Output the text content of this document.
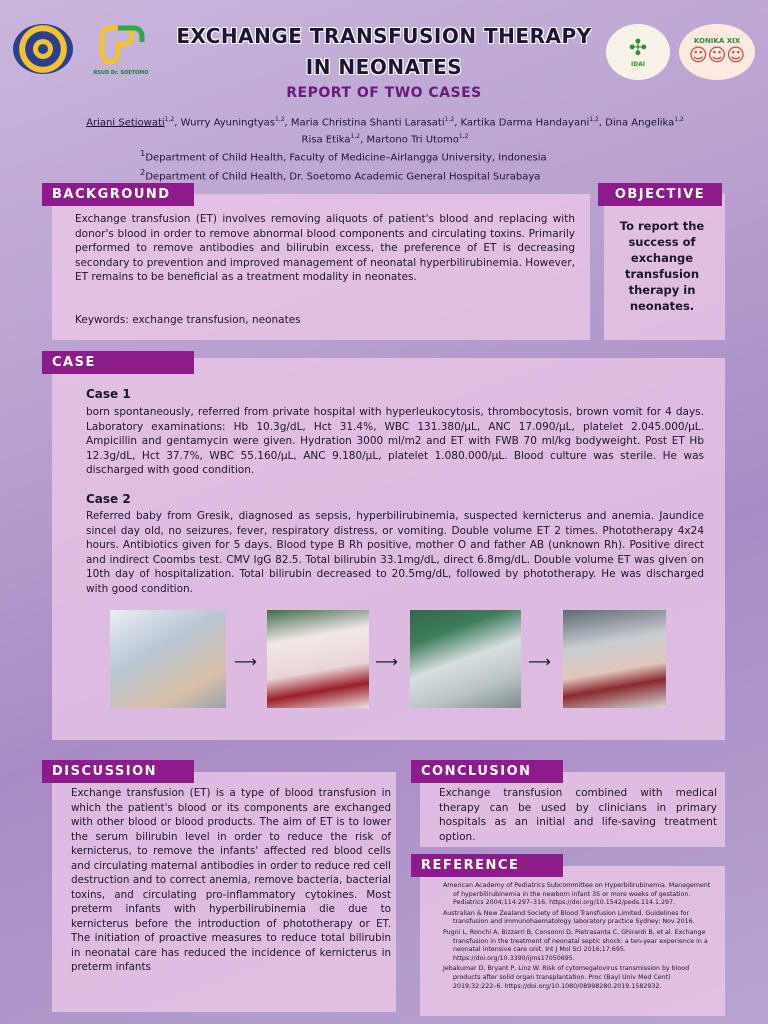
RSUD Dr. SOETOMO
✣
IDAI
KONIKA XIX
☺☺☺
EXCHANGE TRANSFUSION THERAPY
IN NEONATES
REPORT OF TWO CASES
Ariani Setiowati$^{1,2}$, Wurry Ayuningtyas$^{1,2}$, Maria Christina Shanti Larasati$^{1,2}$, Kartika Darma Handayani$^{1,2}$, Dina Angelika$^{1,2}$
Risa Etika$^{1,2}$, Martono Tri Utomo$^{1,2}$
$^1$Department of Child Health, Faculty of Medicine–Airlangga University, Indonesia
$^2$Department of Child Health, Dr. Soetomo Academic General Hospital Surabaya
BACKGROUND
Exchange transfusion (ET) involves removing aliquots of patient's blood and replacing with donor's blood in order to remove abnormal blood components and circulating toxins. Primarily performed to remove antibodies and bilirubin excess, the preference of ET is decreasing secondary to prevention and improved management of neonatal hyperbilirubinemia. However, ET remains to be beneficial as a treatment modality in neonates.
Keywords: exchange transfusion, neonates
OBJECTIVE
To report the success of exchange transfusion therapy in neonates.
CASE
Case 1
born spontaneously, referred from private hospital with hyperleukocytosis, thrombocytosis, brown vomit for 4 days. Laboratory examinations: Hb 10.3g/dL, Hct 31.4%, WBC 131.380/µL, ANC 17.090/µL, platelet 2.045.000/µL. Ampicillin and gentamycin were given. Hydration 3000 ml/m2 and ET with FWB 70 ml/kg bodyweight. Post ET Hb 12.3g/dL, Hct 37.7%, WBC 55.160/µL, ANC 9.180/µL, platelet 1.080.000/µL. Blood culture was sterile. He was discharged with good condition.
Case 2
Referred baby from Gresik, diagnosed as sepsis, hyperbilirubinemia, suspected kernicterus and anemia. Jaundice sincel day old, no seizures, fever, respiratory distress, or vomiting. Double volume ET 2 times. Phototherapy 4x24 hours. Antibiotics given for 5 days. Blood type B Rh positive, mother O and father AB (unknown Rh). Positive direct and indirect Coombs test. CMV IgG 82.5. Total bilirubin 33.1mg/dL, direct 6.8mg/dL. Double volume ET was given on 10th day of hospitalization. Total bilirubin decreased to 20.5mg/dL, followed by phototherapy. He was discharged with good condition.
⟶	⟶	⟶
DISCUSSION
Exchange transfusion (ET) is a type of blood transfusion in which the patient's blood or its components are exchanged with other blood or blood products. The aim of ET is to lower the serum bilirubin level in order to reduce the risk of kernicterus, to remove the infants' affected red blood cells and circulating maternal antibodies in order to reduce red cell destruction and to correct anemia, remove bacteria, bacterial toxins, and circulating pro-inflammatory cytokines. Most preterm infants with hyperbilirubinemia die due to kernicterus before the introduction of phototherapy or ET. The initiation of proactive measures to reduce total bilirubin in neonatal care has reduced the incidence of kernicterus in preterm infants
CONCLUSION
Exchange transfusion combined with medical therapy can be used by clinicians in primary hospitals as an initial and life-saving treatment option.
REFERENCE
American Academy of Pediatrics Subcommittee on Hyperbilirubinemia. Management of hyperbilirubinemia in the newborn infant 35 or more weeks of gestation. Pediatrics 2004;114:297–316. https://doi.org/10.1542/peds.114.1.297.
Australian & New Zealand Society of Blood Transfusion Limited. Guidelines for transfusion and immunohaematology laboratory practice Sydney: Nov 2016.
Pugni L, Ronchi A, Bizzarri B, Consonni D, Pietrasanta C, Ghirardi B, et al. Exchange transfusion in the treatment of neonatal septic shock: a ten-year experience in a neonatal intensive care unit. Int J Mol Sci 2016;17:695. https://doi.org/10.3390/ijms17050695.
Jebakumar D, Bryant P, Linz W. Risk of cytomegalovirus transmission by blood products after solid organ transplantation. Proc (Bayl Univ Med Cent) 2019;32:222–6. https://doi.org/10.1080/08998280.2019.1582932.
